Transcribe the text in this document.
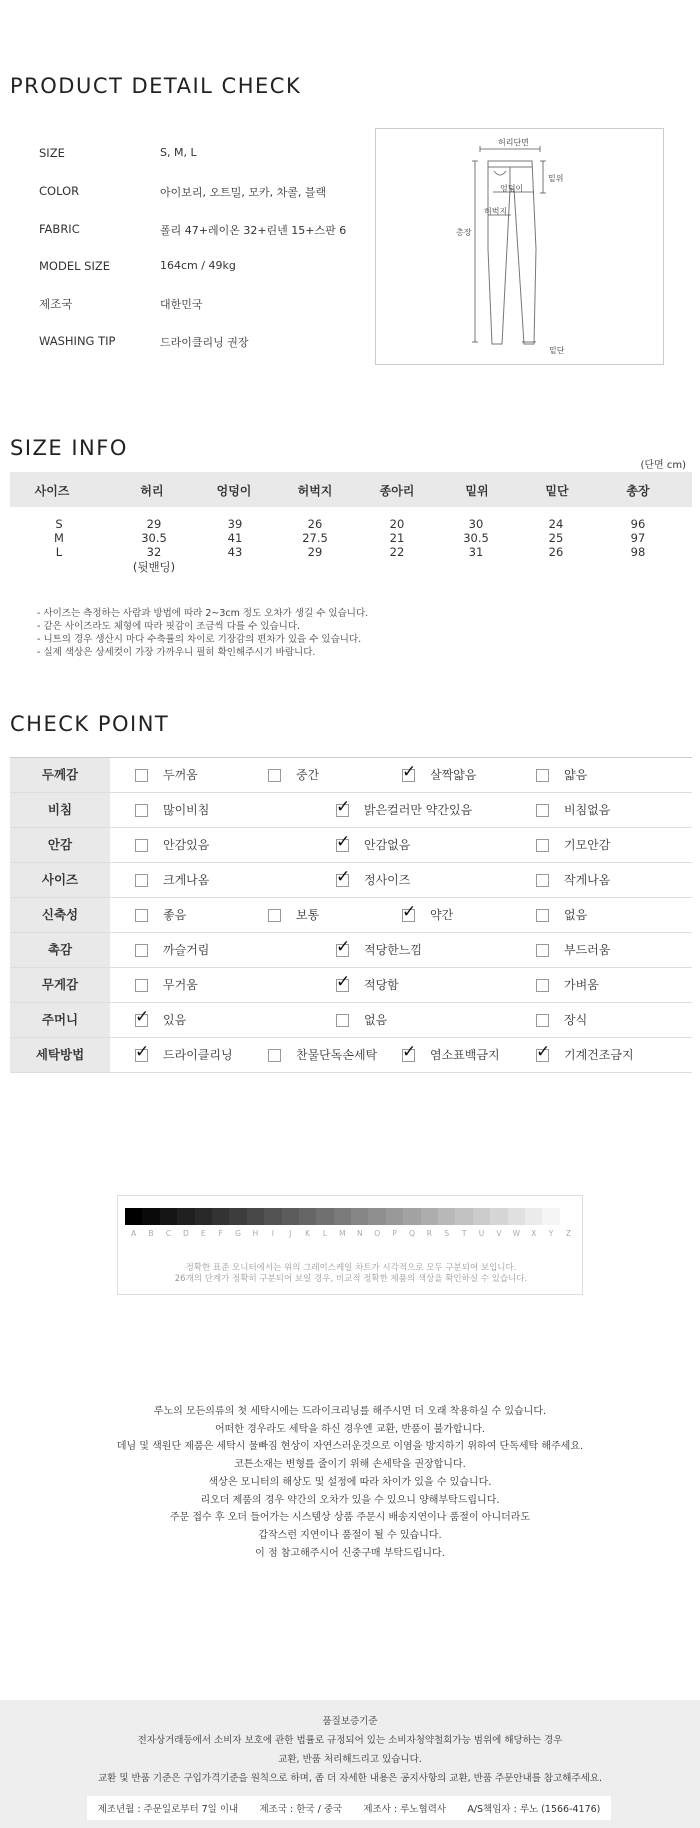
PRODUCT DETAIL CHECK
SIZE	S, M, L
COLOR	아이보리, 오트밀, 모카, 차콜, 블랙
FABRIC	폴리 47+레이온 32+린넨 15+스판 6
MODEL SIZE	164cm / 49kg
제조국	대한민국
WASHING TIP	드라이클리닝 권장
허리단면
밑위
엉덩이
허벅지
총장
밑단
SIZE INFO
(단면 cm)
사이즈	허리	엉덩이	허벅지	종아리	밑위	밑단	총장
S	29	39	26	20	30	24	96
M	30.5	41	27.5	21	30.5	25	97
L	32	43	29	22	31	26	98
(뒷밴딩)
- 사이즈는 측정하는 사람과 방법에 따라 2~3cm 정도 오차가 생길 수 있습니다.
- 같은 사이즈라도 체형에 따라 핏감이 조금씩 다를 수 있습니다.
- 니트의 경우 생산시 마다 수축률의 차이로 기장감의 편차가 있을 수 있습니다.
- 실제 색상은 상세컷이 가장 가까우니 필히 확인해주시기 바랍니다.
CHECK POINT
두께감	두꺼움	중간	✓ 살짝얇음	얇음
비침	많이비침	✓ 밝은컬러만 약간있음	비침없음
안감	안감있음	✓ 안감없음	기모안감
사이즈	크게나옴	✓ 정사이즈	작게나옴
신축성	좋음	보통	✓ 약간	없음
촉감	까슬거림	✓ 적당한느낌	부드러움
무게감	무거움	✓ 적당함	가벼움
주머니	✓ 있음	없음	장식
세탁방법	✓ 드라이클리닝	찬물단독손세탁 ✓ 염소표백금지 ✓ 기계건조금지
A	B	C	D	E	F	G	H	I	J	K	L	M	N	O	P	Q	R	S	T	U	V	W	X	Y	Z
정확한 표준 모니터에서는 위의 그레이스케일 차트가 시각적으로 모두 구분되어 보입니다.
26개의 단계가 정확히 구분되어 보일 경우, 비교적 정확한 제품의 색상을 확인하실 수 있습니다.
루노의 모든의류의 첫 세탁시에는 드라이크리닝를 해주시면 더 오래 착용하실 수 있습니다.
어떠한 경우라도 세탁을 하신 경우엔 교환, 반품이 불가합니다.
데님 및 색원단 제품은 세탁시 물빠짐 현상이 자연스러운것으로 이염을 방지하기 위하여 단독세탁 해주세요.
코튼소재는 변형를 줄이기 위해 손세탁을 권장합니다.
색상은 모니터의 해상도 및 설정에 따라 차이가 있을 수 있습니다.
리오더 제품의 경우 약간의 오차가 있을 수 있으니 양해부탁드립니다.
주문 접수 후 오더 들어가는 시스템상 상품 주문시 배송지연이나 품절이 아니더라도
갑작스런 지연이나 품절이 될 수 있습니다.
이 점 참고해주시어 신중구매 부탁드립니다.
품질보증기준
전자상거래등에서 소비자 보호에 관한 법률로 규정되어 있는 소비자청약철회가능 범위에 해당하는 경우
교환, 반품 처리해드리고 있습니다.
교환 및 반품 기준은 구입가격기준을 원칙으로 하며, 좀 더 자세한 내용은 공지사항의 교환, 반품 주문안내를 참고해주세요.
제조년월 : 주문일로부터 7일 이내 제조국 : 한국 / 중국 제조사 : 루노협력사 A/S책임자 : 루노 (1566-4176)
